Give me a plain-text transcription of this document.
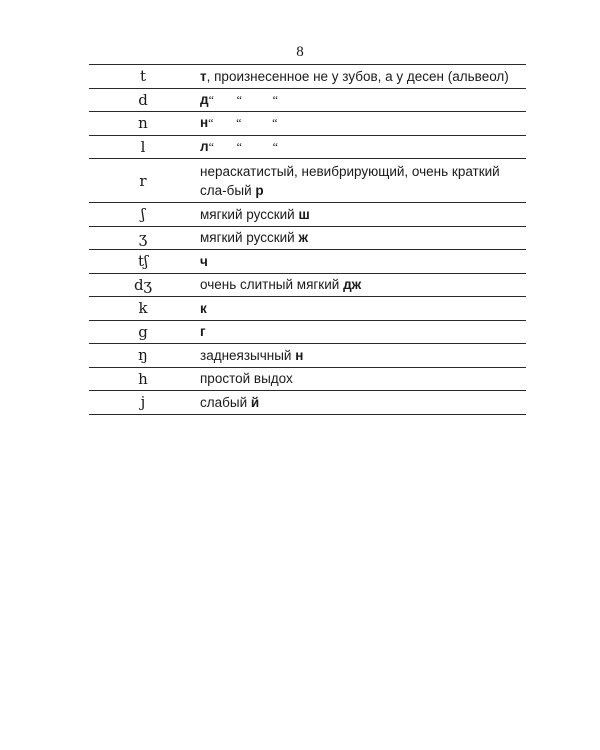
8
t	т, произнесенное не у зубов, а у десен (альвеол)
d	д“ “ “
n	н“ “ “
l	л“ “ “
r	нераскатистый, невибрирующий, очень краткий сла-бый р
ʃ	мягкий русский ш
ʒ	мягкий русский ж
tʃ	ч
dʒ	очень слитный мягкий дж
k	к
g	г
ŋ	заднеязычный н
h	простой выдох
j	слабый й
